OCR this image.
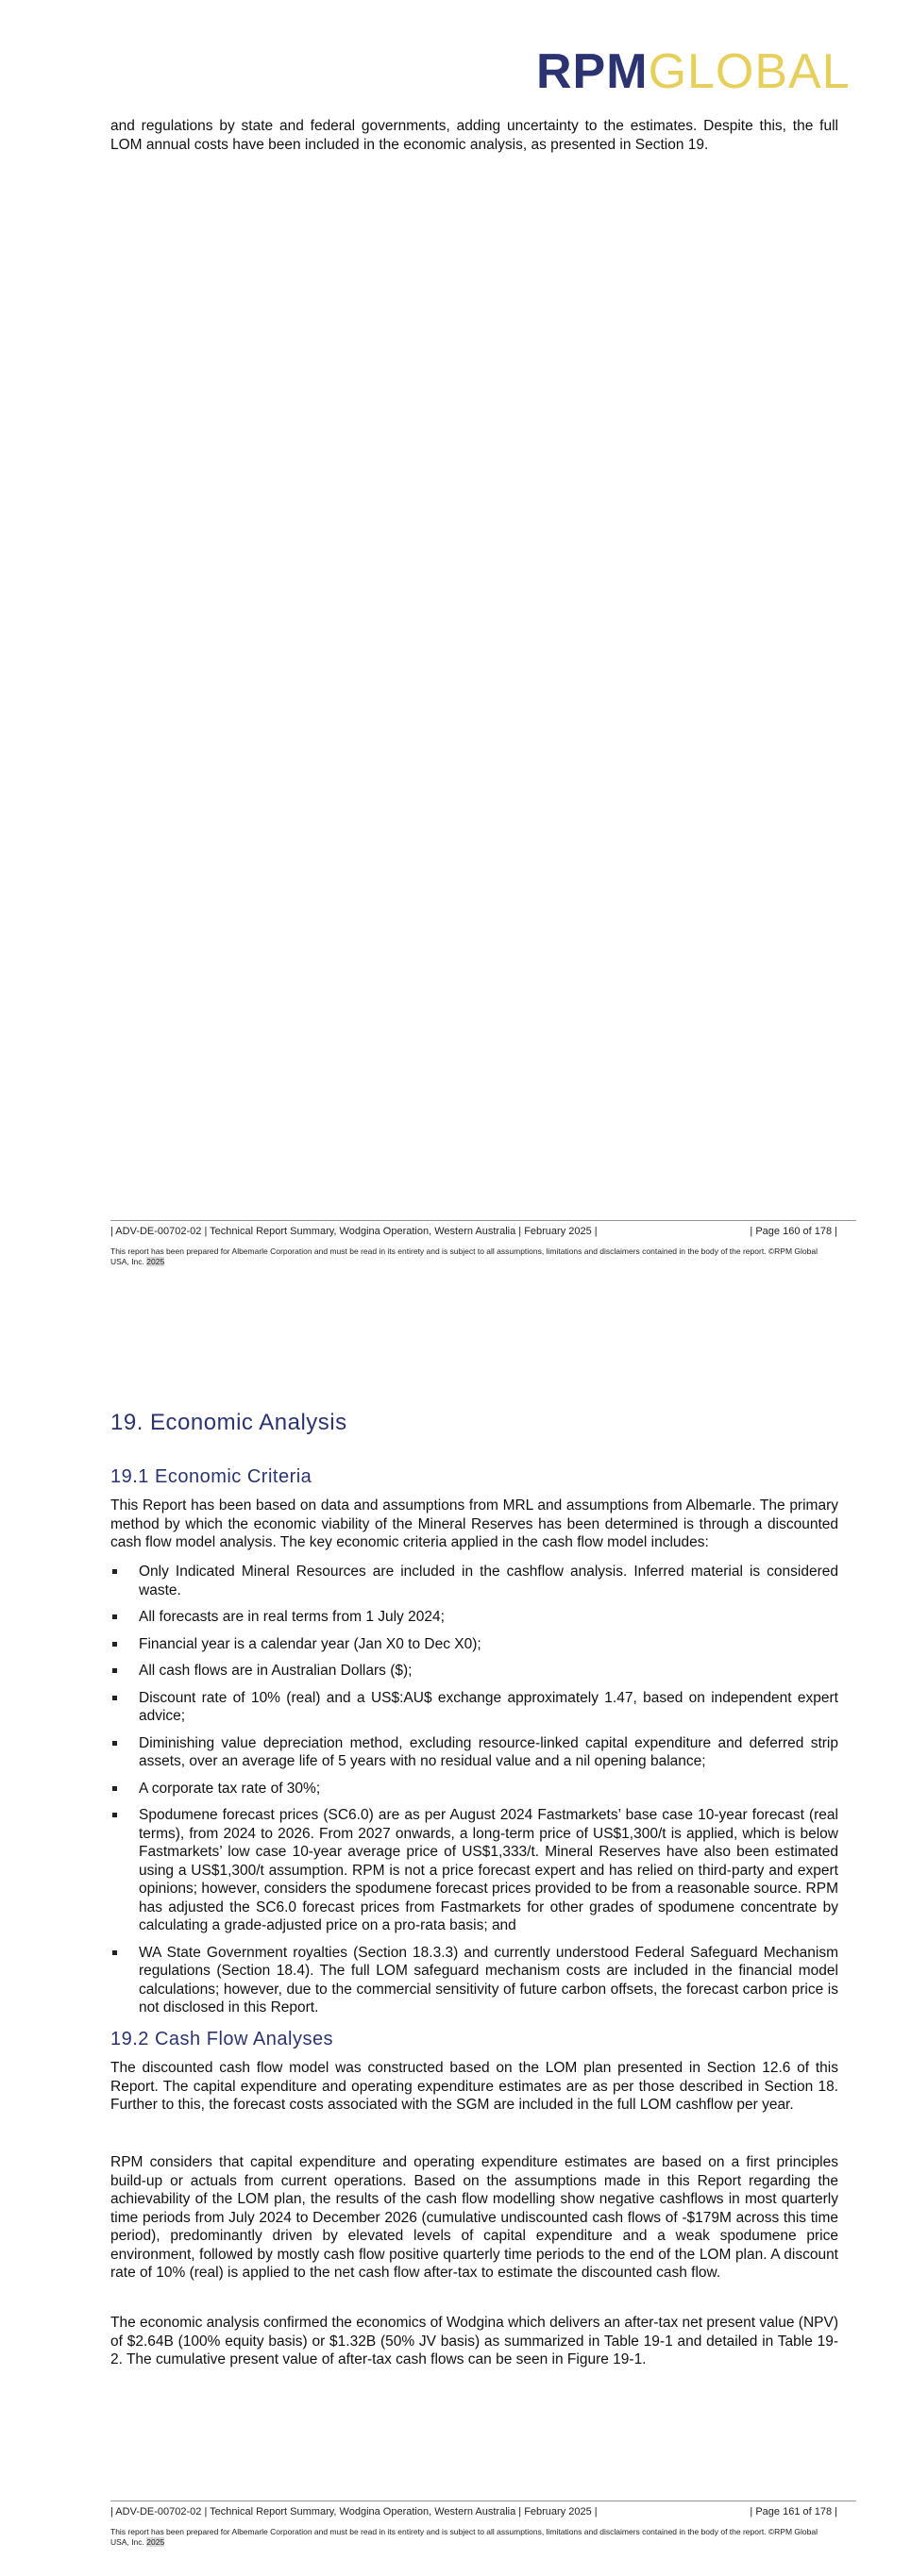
RPMGLOBAL

and regulations by state and federal governments, adding uncertainty to the estimates. Despite this, the full LOM annual costs have been included in the economic analysis, as presented in Section 19.

| ADV-DE-00702-02 | Technical Report Summary, Wodgina Operation, Western Australia | February 2025 |	| Page 160 of 178 |
This report has been prepared for Albemarle Corporation and must be read in its entirety and is subject to all assumptions, limitations and disclaimers contained in the body of the report. ©RPM Global USA, Inc. 2025
19. Economic Analysis
19.1 Economic Criteria

This Report has been based on data and assumptions from MRL and assumptions from Albemarle. The primary method by which the economic viability of the Mineral Reserves has been determined is through a discounted cash flow model analysis. The key economic criteria applied in the cash flow model includes:

Only Indicated Mineral Resources are included in the cashflow analysis. Inferred material is considered waste.
All forecasts are in real terms from 1 July 2024;
Financial year is a calendar year (Jan X0 to Dec X0);
All cash flows are in Australian Dollars ($);
Discount rate of 10% (real) and a US$:AU$ exchange approximately 1.47, based on independent expert advice;
Diminishing value depreciation method, excluding resource-linked capital expenditure and deferred strip assets, over an average life of 5 years with no residual value and a nil opening balance;
A corporate tax rate of 30%;
Spodumene forecast prices (SC6.0) are as per August 2024 Fastmarkets’ base case 10-year forecast (real terms), from 2024 to 2026. From 2027 onwards, a long-term price of US$1,300/t is applied, which is below Fastmarkets’ low case 10-year average price of US$1,333/t. Mineral Reserves have also been estimated using a US$1,300/t assumption. RPM is not a price forecast expert and has relied on third-party and expert opinions; however, considers the spodumene forecast prices provided to be from a reasonable source. RPM has adjusted the SC6.0 forecast prices from Fastmarkets for other grades of spodumene concentrate by calculating a grade-adjusted price on a pro-rata basis; and
WA State Government royalties (Section 18.3.3) and currently understood Federal Safeguard Mechanism regulations (Section 18.4). The full LOM safeguard mechanism costs are included in the financial model calculations; however, due to the commercial sensitivity of future carbon offsets, the forecast carbon price is not disclosed in this Report.
19.2 Cash Flow Analyses

The discounted cash flow model was constructed based on the LOM plan presented in Section 12.6 of this Report. The capital expenditure and operating expenditure estimates are as per those described in Section 18. Further to this, the forecast costs associated with the SGM are included in the full LOM cashflow per year.

RPM considers that capital expenditure and operating expenditure estimates are based on a first principles build-up or actuals from current operations. Based on the assumptions made in this Report regarding the achievability of the LOM plan, the results of the cash flow modelling show negative cashflows in most quarterly time periods from July 2024 to December 2026 (cumulative undiscounted cash flows of -$179M across this time period), predominantly driven by elevated levels of capital expenditure and a weak spodumene price environment, followed by mostly cash flow positive quarterly time periods to the end of the LOM plan. A discount rate of 10% (real) is applied to the net cash flow after-tax to estimate the discounted cash flow.

The economic analysis confirmed the economics of Wodgina which delivers an after-tax net present value (NPV) of $2.64B (100% equity basis) or $1.32B (50% JV basis) as summarized in Table 19-1 and detailed in Table 19-2. The cumulative present value of after-tax cash flows can be seen in Figure 19-1.

| ADV-DE-00702-02 | Technical Report Summary, Wodgina Operation, Western Australia | February 2025 |	| Page 161 of 178 |
This report has been prepared for Albemarle Corporation and must be read in its entirety and is subject to all assumptions, limitations and disclaimers contained in the body of the report. ©RPM Global USA, Inc. 2025
